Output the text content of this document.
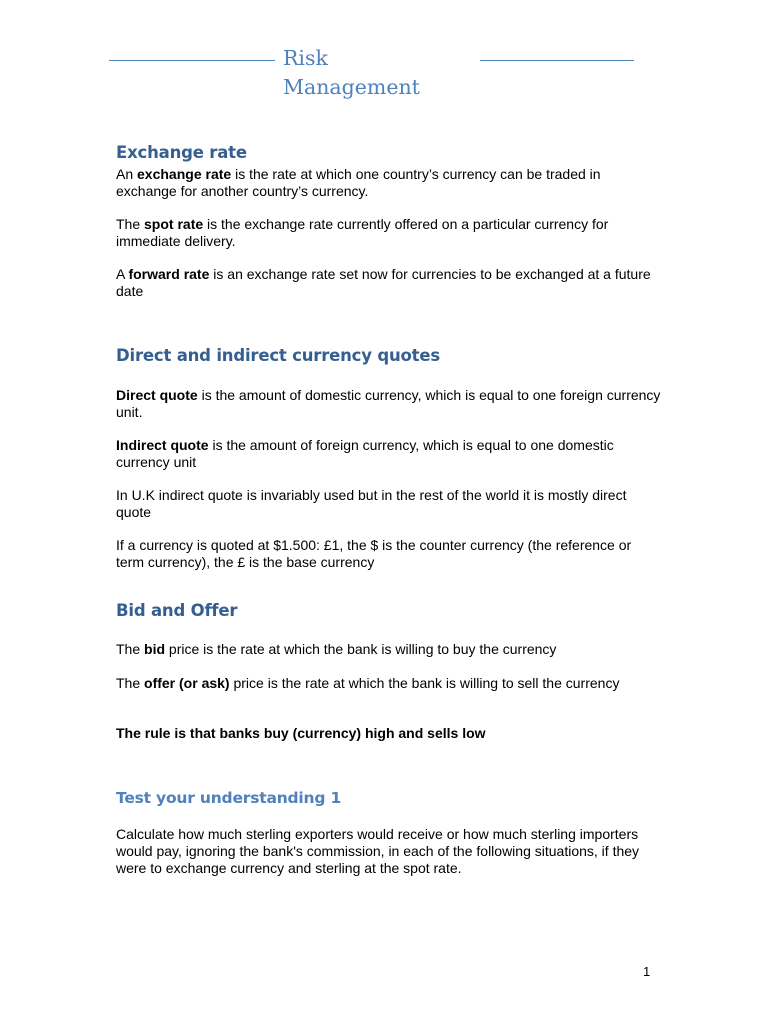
Risk
Management
Exchange rate

An exchange rate is the rate at which one country’s currency can be traded in exchange for another country’s currency.

The spot rate is the exchange rate currently offered on a particular currency for immediate delivery.

A forward rate is an exchange rate set now for currencies to be exchanged at a future date

Direct and indirect currency quotes

Direct quote is the amount of domestic currency, which is equal to one foreign currency unit.

Indirect quote is the amount of foreign currency, which is equal to one domestic currency unit

In U.K indirect quote is invariably used but in the rest of the world it is mostly direct quote

If a currency is quoted at $1.500: £1, the $ is the counter currency (the reference or term currency), the £ is the base currency

Bid and Offer

The bid price is the rate at which the bank is willing to buy the currency

The offer (or ask) price is the rate at which the bank is willing to sell the currency

The rule is that banks buy (currency) high and sells low

Test your understanding 1

Calculate how much sterling exporters would receive or how much sterling importers would pay, ignoring the bank's commission, in each of the following situations, if they were to exchange currency and sterling at the spot rate.

1
